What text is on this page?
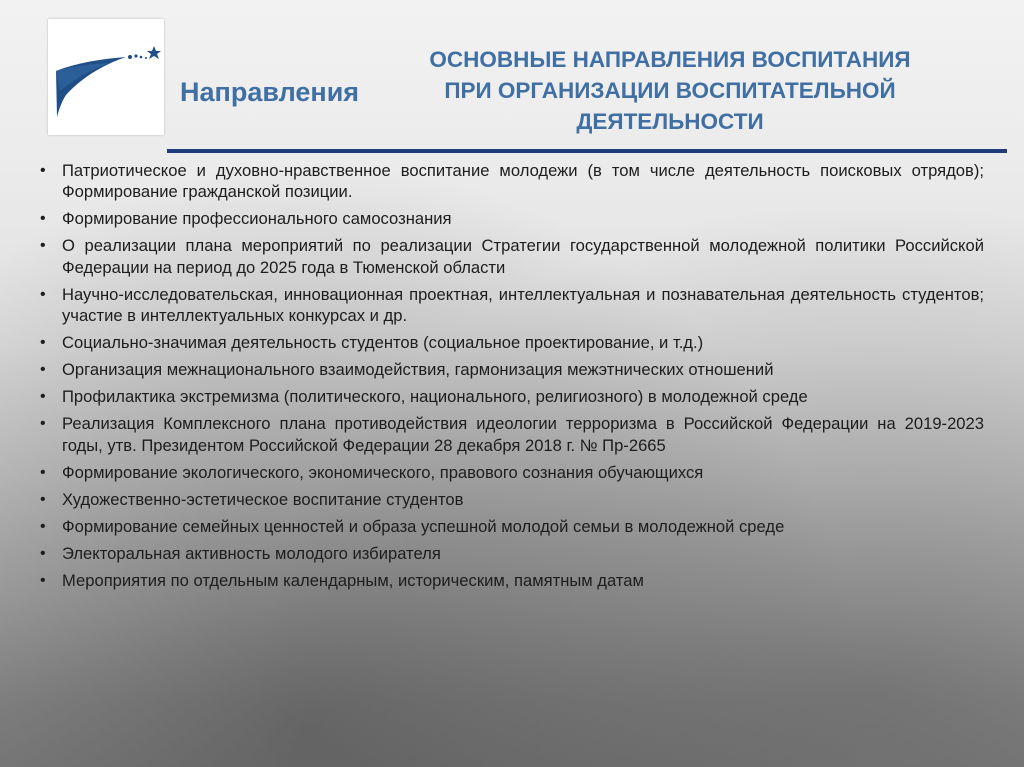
Направления
ОСНОВНЫЕ НАПРАВЛЕНИЯ ВОСПИТАНИЯ
ПРИ ОРГАНИЗАЦИИ ВОСПИТАТЕЛЬНОЙ
ДЕЯТЕЛЬНОСТИ
• Патриотическое и духовно-нравственное воспитание молодежи (в том числе деятельность поисковых отрядов); Формирование гражданской позиции.
• Формирование профессионального самосознания
• О реализации плана мероприятий по реализации Стратегии государственной молодежной политики Российской Федерации на период до 2025 года в Тюменской области
• Научно-исследовательская, инновационная проектная, интеллектуальная и познавательная деятельность студентов; участие в интеллектуальных конкурсах и др.
• Социально-значимая деятельность студентов (социальное проектирование, и т.д.)
• Организация межнационального взаимодействия, гармонизация межэтнических отношений
• Профилактика экстремизма (политического, национального, религиозного) в молодежной среде
• Реализация Комплексного плана противодействия идеологии терроризма в Российской Федерации на 2019-2023 годы, утв. Президентом Российской Федерации 28 декабря 2018 г. № Пр-2665
• Формирование экологического, экономического, правового сознания обучающихся
• Художественно-эстетическое воспитание студентов
• Формирование семейных ценностей и образа успешной молодой семьи в молодежной среде
• Электоральная активность молодого избирателя
• Мероприятия по отдельным календарным, историческим, памятным датам
